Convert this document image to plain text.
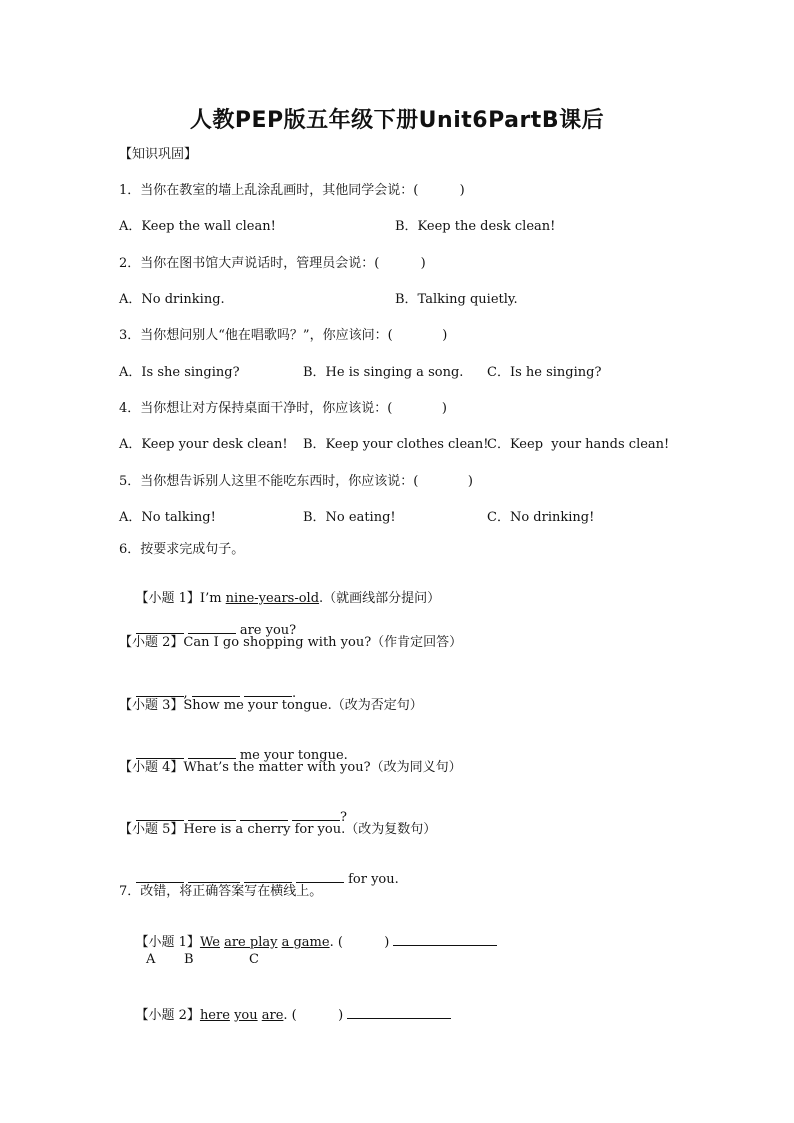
人教PEP版五年级下册Unit6PartB课后
【知识巩固】
1．当你在教室的墙上乱涂乱画时，其他同学会说：(          )

A．Keep the wall clean!

	B．Keep the desk clean!

2．当你在图书馆大声说话时，管理员会说：(          )

A．No drinking.

	B．Talking quietly.

3．当你想问别人“他在唱歌吗？”，你应该问：(            )

A．Is she singing?

	B．He is singing a song.

C．Is he singing?

4．当你想让对方保持桌面干净时，你应该说：(            )

A．Keep your desk clean!

B．Keep your clothes clean!

C．Keep  your hands clean!

5．当你想告诉别人这里不能吃东西时，你应该说：(            )

A．No talking!

	B．No eating!

	C．No drinking!

6．按要求完成句子。

【小题 1】I’m nine-years-old.（就画线部分提问）

are you?

【小题 2】Can I go shopping with you?（作肯定回答）

,	.

【小题 3】Show me your tongue.（改为否定句）

me your tongue.

【小题 4】What’s the matter with you?（改为同义句）

?

【小题 5】Here is a cherry for you.（改为复数句）

for you.

7．改错，将正确答案写在横线上。

【小题 1】We are play a game. (          )

A

B

	C

【小题 2】here you are. (          )
